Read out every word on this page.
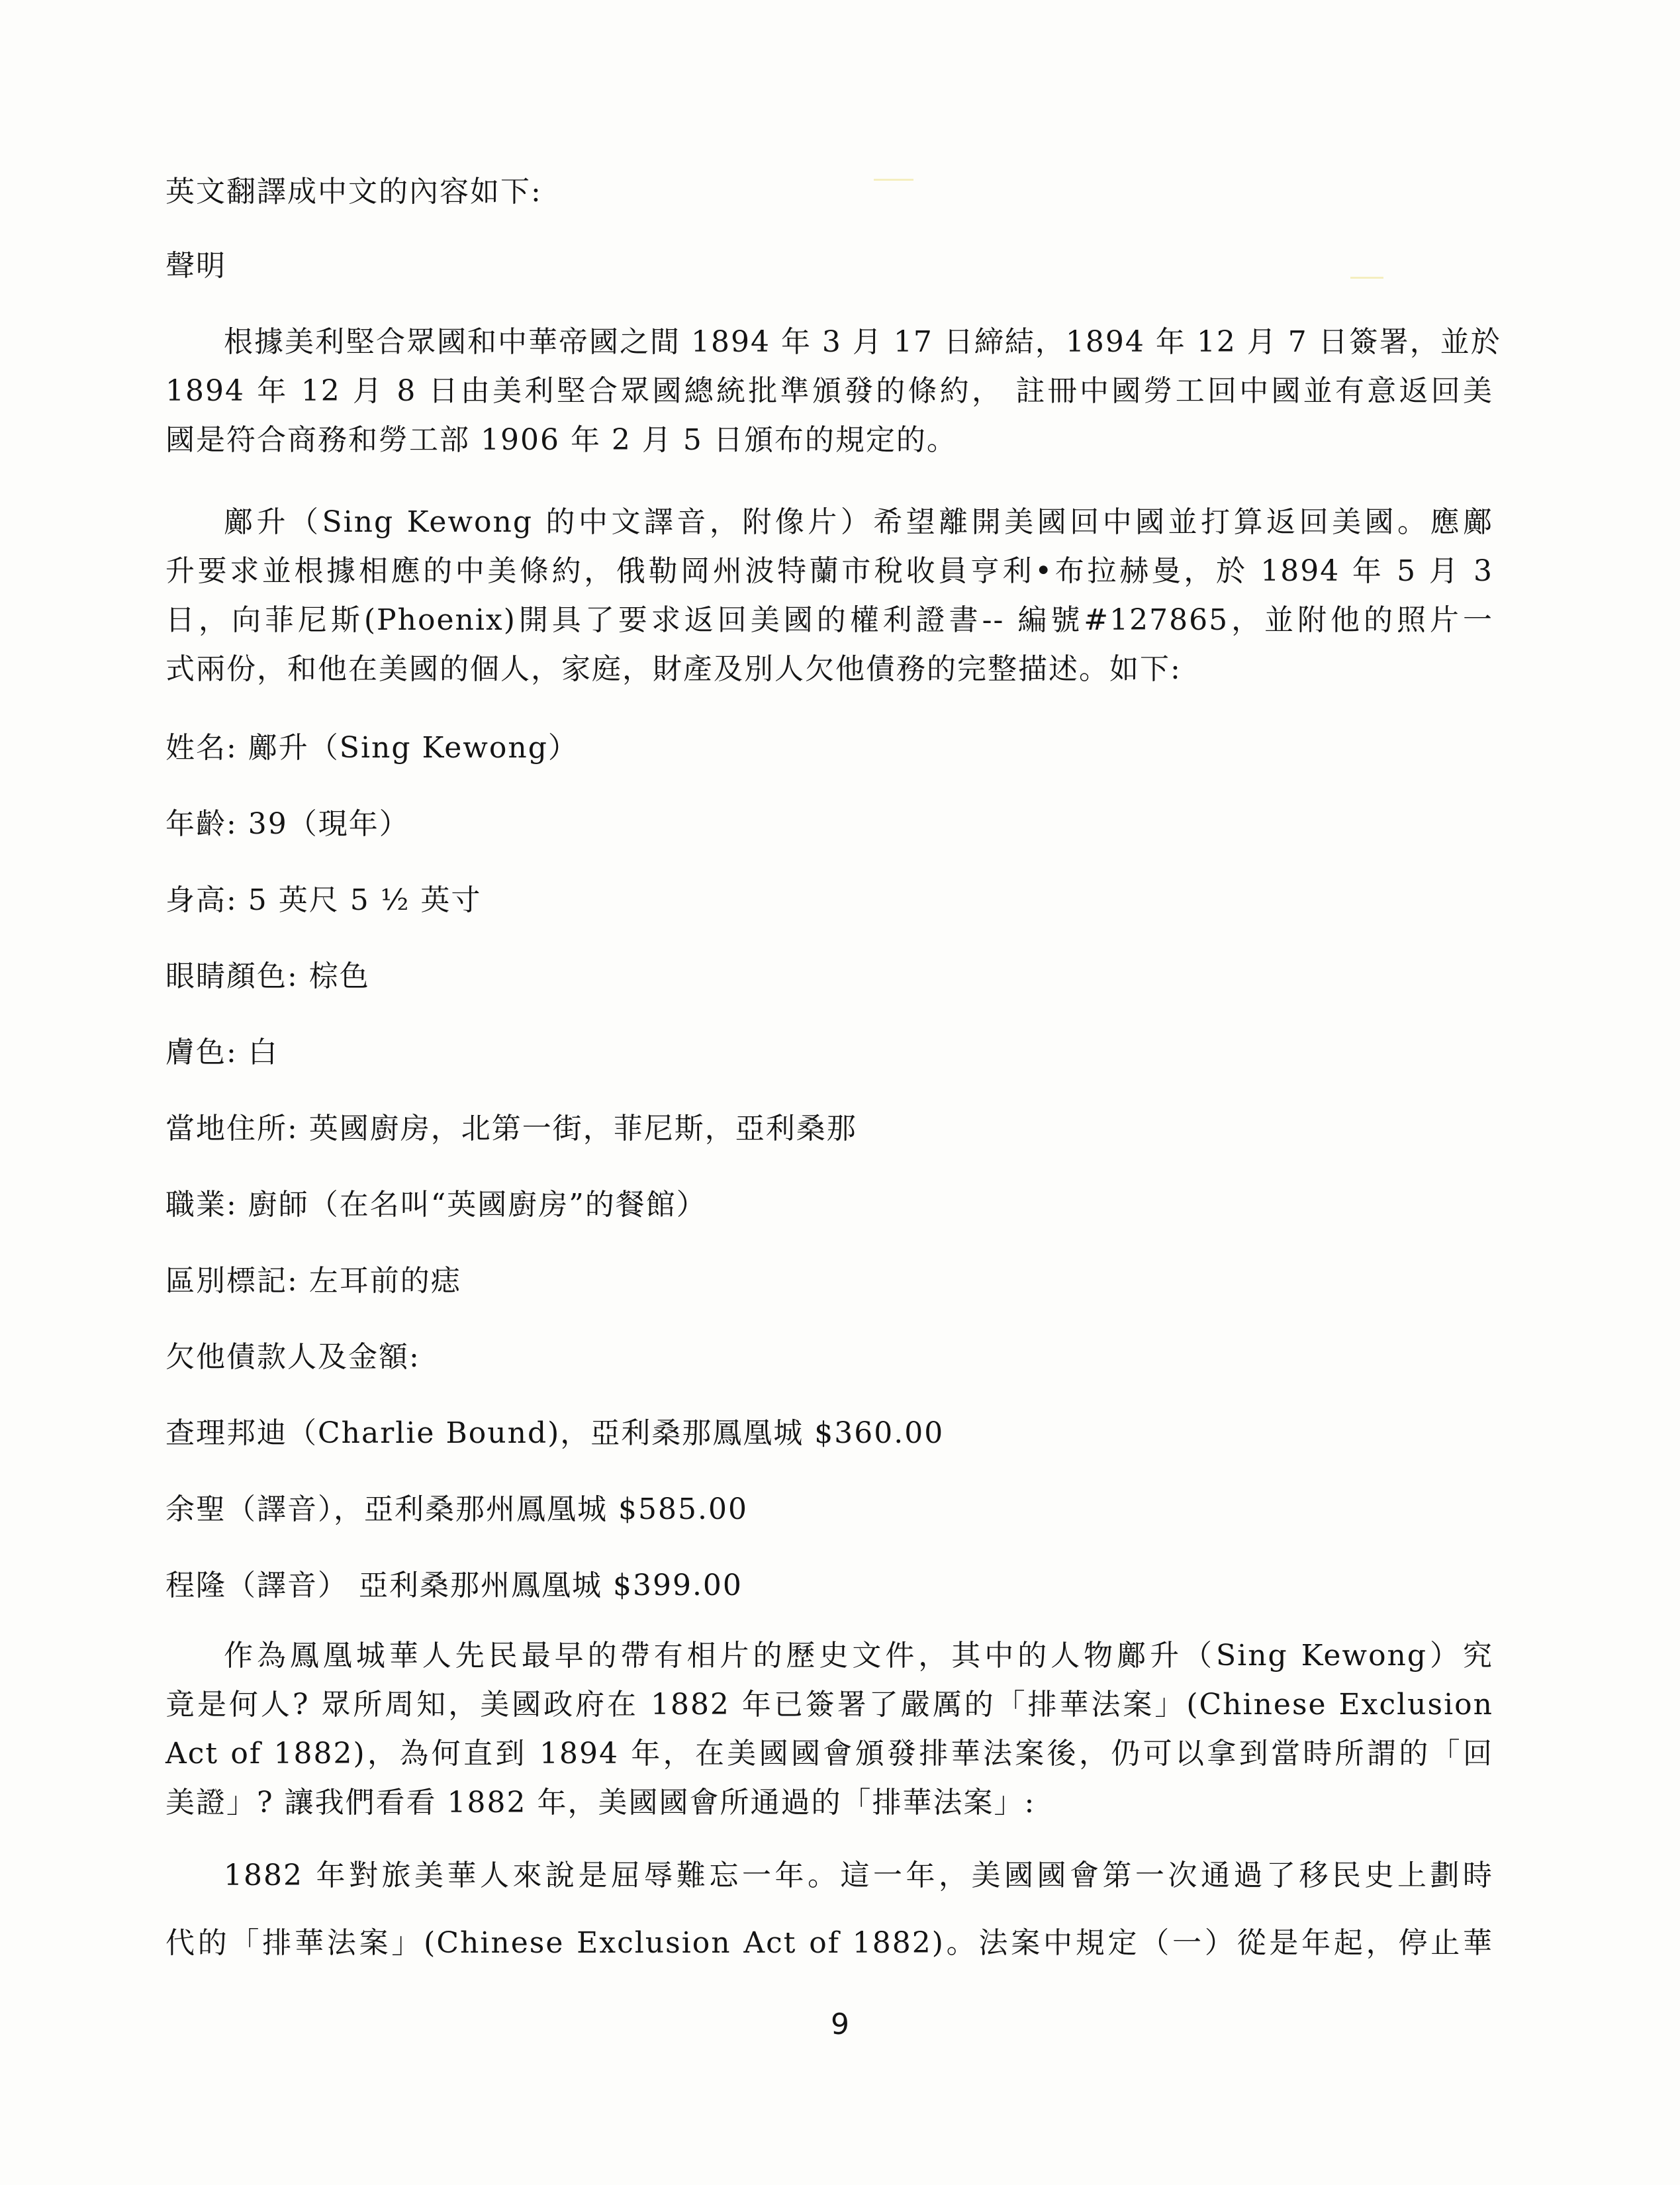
英文翻譯成中文的內容如下:
聲明
根據美利堅合眾國和中華帝國之間 1894 年 3 月 17 日締結，1894 年 12 月 7 日簽署，並於
1894 年 12 月 8 日由美利堅合眾國總統批準頒發的條約， 註冊中國勞工回中國並有意返回美
國是符合商務和勞工部 1906 年 2 月 5 日頒布的規定的。
鄺升（Sing Kewong 的中文譯音，附像片）希望離開美國回中國並打算返回美國。應鄺
升要求並根據相應的中美條約，俄勒岡州波特蘭市稅收員亨利•布拉赫曼，於 1894 年 5 月 3
日，向菲尼斯(Phoenix)開具了要求返回美國的權利證書-- 編號#127865，並附他的照片一
式兩份，和他在美國的個人，家庭，財產及別人欠他債務的完整描述。如下:
姓名: 鄺升（Sing Kewong）
年齡: 39（現年）
身高: 5 英尺 5 ½ 英寸
眼睛顏色: 棕色
膚色: 白
當地住所: 英國廚房，北第一街，菲尼斯，亞利桑那
職業: 廚師（在名叫“英國廚房”的餐館）
區別標記: 左耳前的痣
欠他債款人及金額:
查理邦迪（Charlie Bound)，亞利桑那鳳凰城 $360.00
余聖（譯音），亞利桑那州鳳凰城 $585.00
程隆（譯音） 亞利桑那州鳳凰城 $399.00
作為鳳凰城華人先民最早的帶有相片的歷史文件，其中的人物鄺升（Sing Kewong）究
竟是何人? 眾所周知，美國政府在 1882 年已簽署了嚴厲的「排華法案」(Chinese Exclusion
Act of 1882)，為何直到 1894 年，在美國國會頒發排華法案後，仍可以拿到當時所謂的「回
美證」? 讓我們看看 1882 年，美國國會所通過的「排華法案」:
1882 年對旅美華人來說是屈辱難忘一年。這一年，美國國會第一次通過了移民史上劃時
代的「排華法案」(Chinese Exclusion Act of 1882)。法案中規定（一）從是年起，停止華
9
